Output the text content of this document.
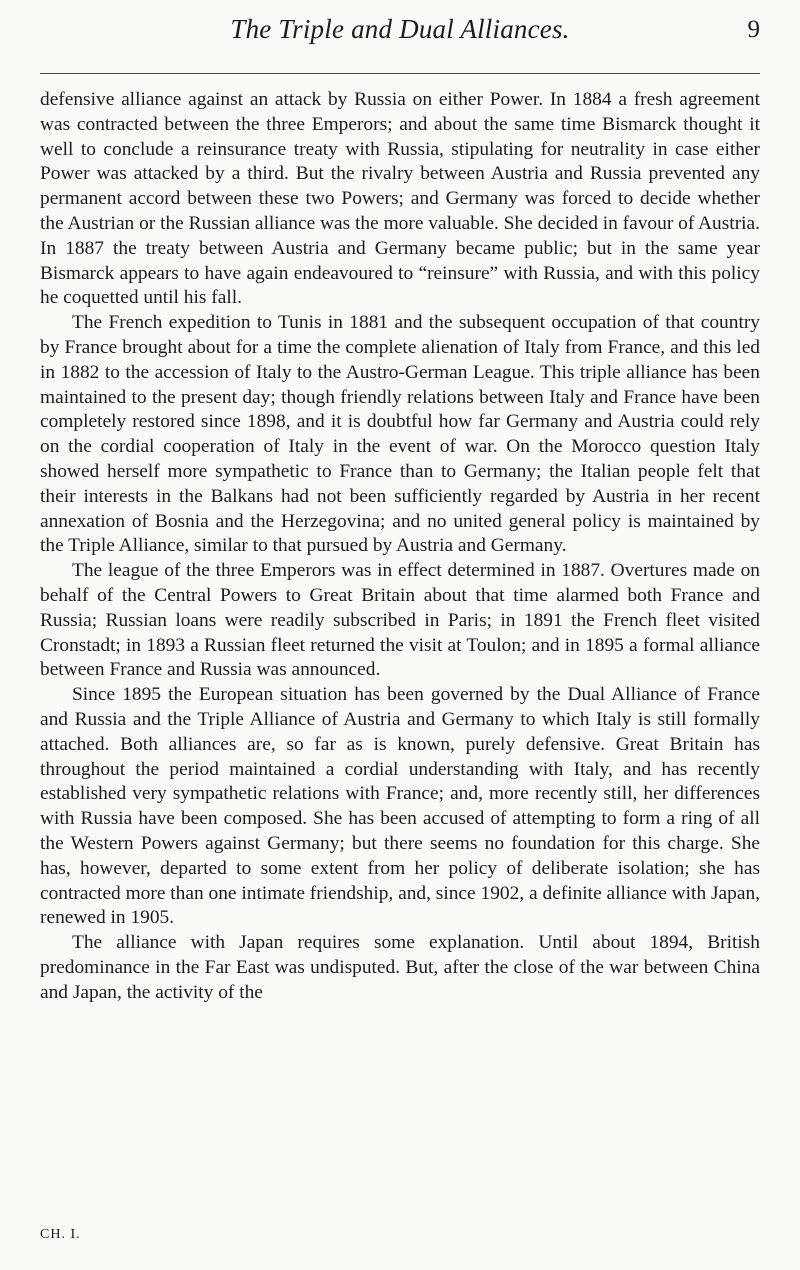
The Triple and Dual Alliances.	9

defensive alliance against an attack by Russia on either Power. In 1884 a fresh agreement was contracted between the three Emperors; and about the same time Bismarck thought it well to conclude a reinsurance treaty with Russia, stipulating for neutrality in case either Power was attacked by a third. But the rivalry between Austria and Russia prevented any permanent accord between these two Powers; and Germany was forced to decide whether the Austrian or the Russian alliance was the more valuable. She decided in favour of Austria. In 1887 the treaty between Austria and Germany became public; but in the same year Bismarck appears to have again endeavoured to “reinsure” with Russia, and with this policy he coquetted until his fall.

The French expedition to Tunis in 1881 and the subsequent occupation of that country by France brought about for a time the complete alienation of Italy from France, and this led in 1882 to the accession of Italy to the Austro-German League. This triple alliance has been maintained to the present day; though friendly relations between Italy and France have been completely restored since 1898, and it is doubtful how far Germany and Austria could rely on the cordial cooperation of Italy in the event of war. On the Morocco question Italy showed herself more sympathetic to France than to Germany; the Italian people felt that their interests in the Balkans had not been sufficiently regarded by Austria in her recent annexation of Bosnia and the Herzegovina; and no united general policy is maintained by the Triple Alliance, similar to that pursued by Austria and Germany.

The league of the three Emperors was in effect determined in 1887. Overtures made on behalf of the Central Powers to Great Britain about that time alarmed both France and Russia; Russian loans were readily subscribed in Paris; in 1891 the French fleet visited Cronstadt; in 1893 a Russian fleet returned the visit at Toulon; and in 1895 a formal alliance between France and Russia was announced.

Since 1895 the European situation has been governed by the Dual Alliance of France and Russia and the Triple Alliance of Austria and Germany to which Italy is still formally attached. Both alliances are, so far as is known, purely defensive. Great Britain has throughout the period maintained a cordial understanding with Italy, and has recently established very sympathetic relations with France; and, more recently still, her differences with Russia have been composed. She has been accused of attempting to form a ring of all the Western Powers against Germany; but there seems no foundation for this charge. She has, however, departed to some extent from her policy of deliberate isolation; she has contracted more than one intimate friendship, and, since 1902, a definite alliance with Japan, renewed in 1905.

The alliance with Japan requires some explanation. Until about 1894, British predominance in the Far East was undisputed. But, after the close of the war between China and Japan, the activity of the

CH. I.
